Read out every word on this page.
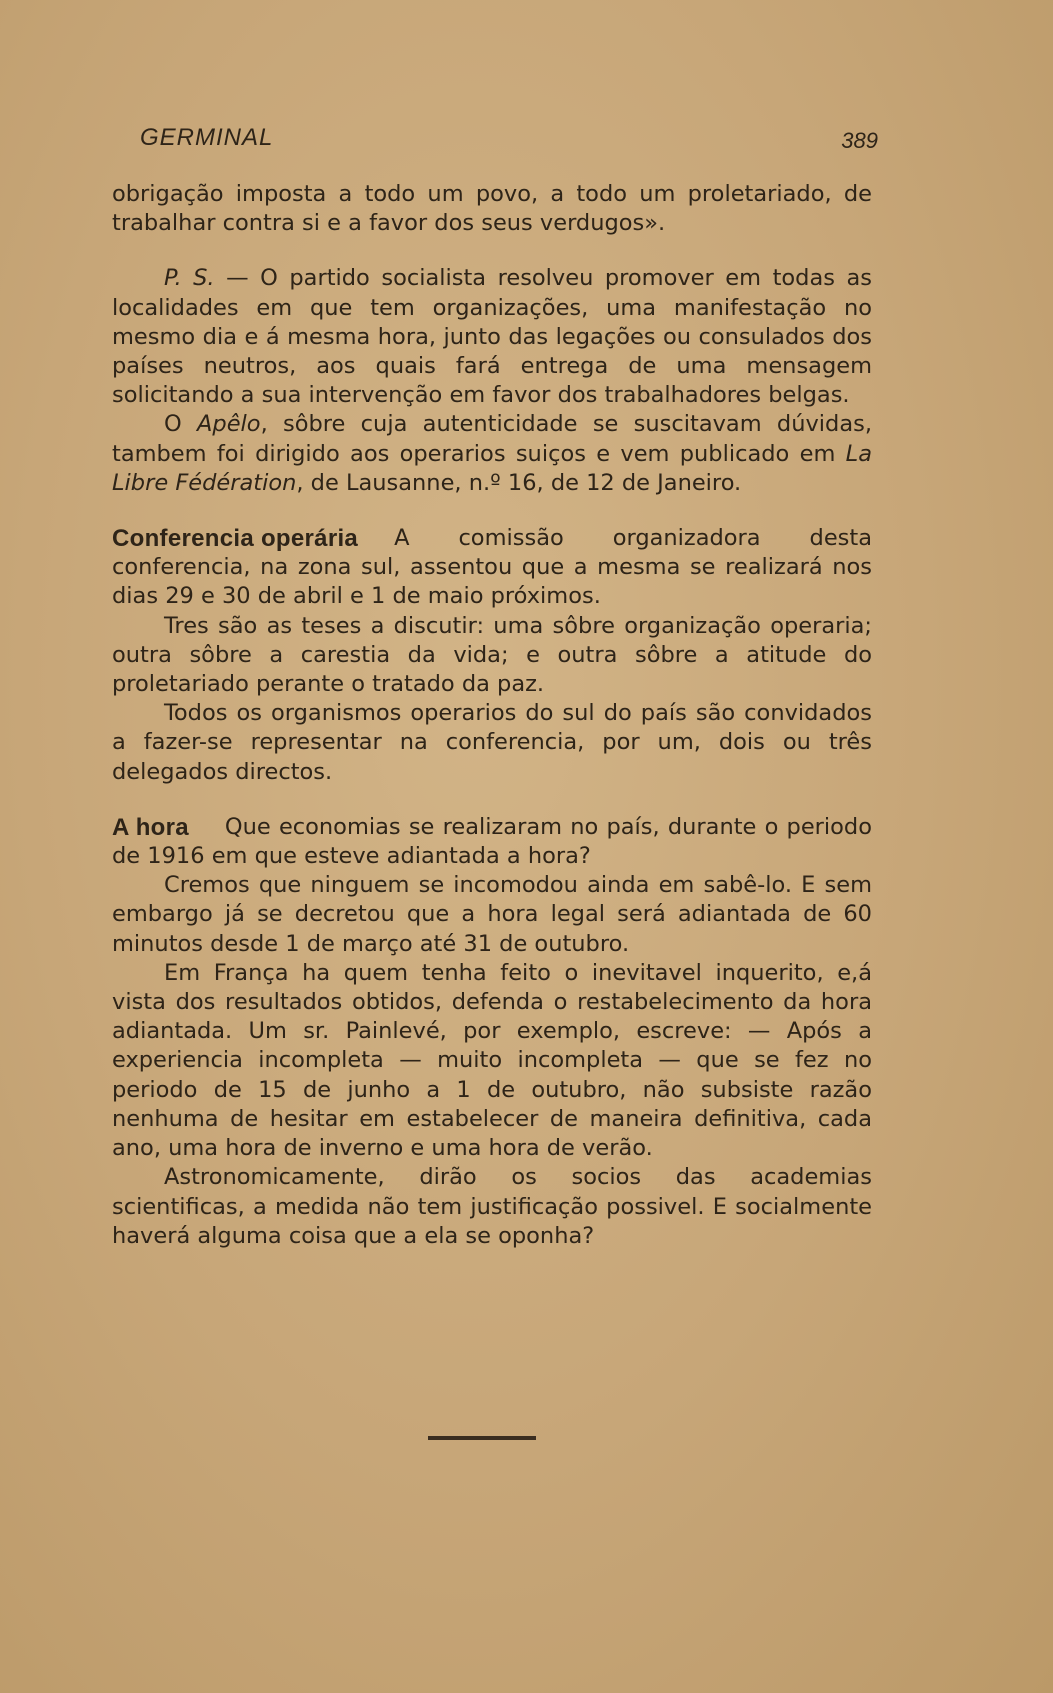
GERMINAL	389

obrigação imposta a todo um povo, a todo um proletariado, de trabalhar contra si e a favor dos seus verdugos».

P. S. — O partido socialista resolveu promover em todas as localidades em que tem organizações, uma manifestação no mesmo dia e á mesma hora, junto das legações ou consulados dos países neutros, aos quais fará entrega de uma mensagem solicitando a sua intervenção em favor dos trabalhadores belgas.

O Apêlo, sôbre cuja autenticidade se suscitavam dúvidas, tambem foi dirigido aos operarios suiços e vem publicado em La Libre Fédération, de Lausanne, n.º 16, de 12 de Janeiro.

Conferencia operária A comissão organizadora desta conferencia, na zona sul, assentou que a mesma se realizará nos dias 29 e 30 de abril e 1 de maio próximos.

Tres são as teses a discutir: uma sôbre organização operaria; outra sôbre a carestia da vida; e outra sôbre a atitude do proletariado perante o tratado da paz.

Todos os organismos operarios do sul do país são convidados a fazer-se representar na conferencia, por um, dois ou três delegados directos.

A hora Que economias se realizaram no país, durante o periodo de 1916 em que esteve adiantada a hora?

Cremos que ninguem se incomodou ainda em sabê-lo. E sem embargo já se decretou que a hora legal será adiantada de 60 minutos desde 1 de março até 31 de outubro.

Em França ha quem tenha feito o inevitavel inquerito, e,á vista dos resultados obtidos, defenda o restabelecimento da hora adiantada. Um sr. Painlevé, por exemplo, escreve: — Após a experiencia incompleta — muito incompleta — que se fez no periodo de 15 de junho a 1 de outubro, não subsiste razão nenhuma de hesitar em estabelecer de maneira definitiva, cada ano, uma hora de inverno e uma hora de verão.

Astronomicamente, dirão os socios das academias scientificas, a medida não tem justificação possivel. E socialmente haverá alguma coisa que a ela se oponha?
